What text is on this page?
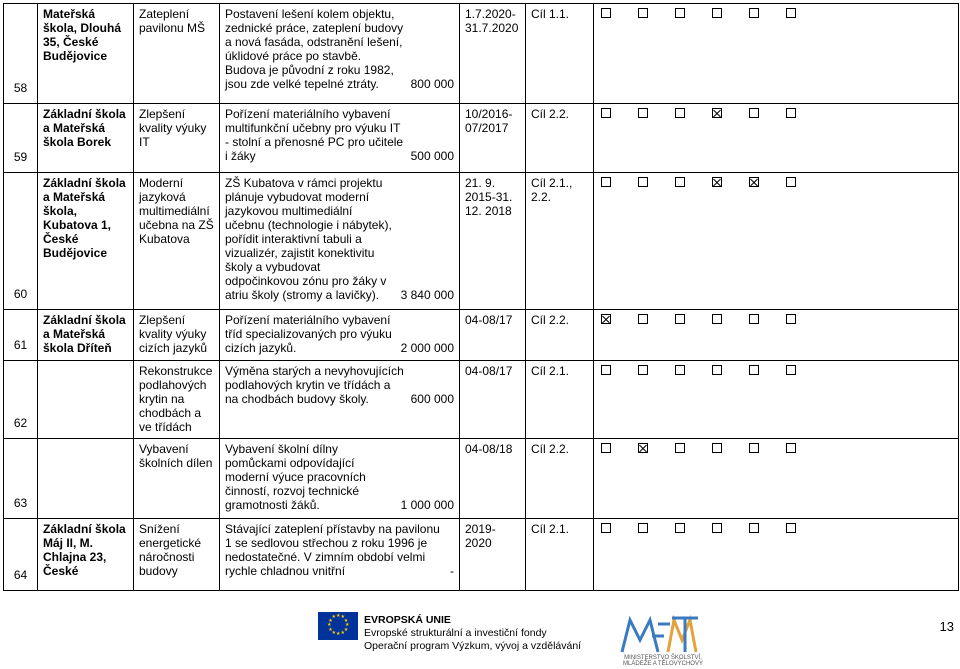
58	Mateřská škola, Dlouhá 35, České Budějovice	Zateplení pavilonu MŠ	Postavení lešení kolem objektu, zednické práce, zateplení budovy a nová fasáda, odstranění lešení, úklidové práce po stavbě. Budova je původní z roku 1982, jsou zde velké tepelné ztráty. 800 000	1.7.2020-31.7.2020	Cíl 1.1.	

59	Základní škola a Mateřská škola Borek	Zlepšení kvality výuky IT	Pořízení materiálního vybavení multifunkční učebny pro výuku IT - stolní a přenosné PC pro učitele i žáky 500 000	10/2016-07/2017	Cíl 2.2.	

60	Základní škola a Mateřská škola, Kubatova 1, České Budějovice	Moderní jazyková multimediální učebna na ZŠ Kubatova	ZŠ Kubatova v rámci projektu plánuje vybudovat moderní jazykovou multimediální učebnu (technologie i nábytek), pořídit interaktivní tabuli a vizualizér, zajistit konektivitu školy a vybudovat odpočinkovou zónu pro žáky v atriu školy (stromy a lavičky). 3 840 000	21. 9. 2015-31. 12. 2018	Cíl 2.1., 2.2.	

61	Základní škola a Mateřská škola Dříteň	Zlepšení kvality výuky cizích jazyků	Pořízení materiálního vybavení tříd specializovaných pro výuku cizích jazyků. 2 000 000	04-08/17	Cíl 2.2.	

62		Rekonstrukce podlahových krytin na chodbách a ve třídách	Výměna starých a nevyhovujících podlahových krytin ve třídách a na chodbách budovy školy. 600 000	04-08/17	Cíl 2.1.	

63		Vybavení školních dílen	Vybavení školní dílny pomůckami odpovídající moderní výuce pracovních činností, rozvoj technické gramotnosti žáků. 1 000 000	04-08/18	Cíl 2.2.	

64	Základní škola Máj II, M. Chlajna 23, České	Snížení energetické náročnosti budovy	Stávající zateplení přístavby na pavilonu 1 se sedlovou střechou z roku 1996 je nedostatečné. V zimním období velmi rychle chladnou vnitřní -	2019-2020	Cíl 2.1.	
★
★
★
★
★
★
★
★
★ ★ ★
★ EVROPSKÁ UNIE
Evropské strukturální a investiční fondy
Operační program Výzkum, vývoj a vzdělávání
MINISTERSTVO ŠKOLSTVÍ, MLÁDEŽE A TĚLOVÝCHOVY
13
